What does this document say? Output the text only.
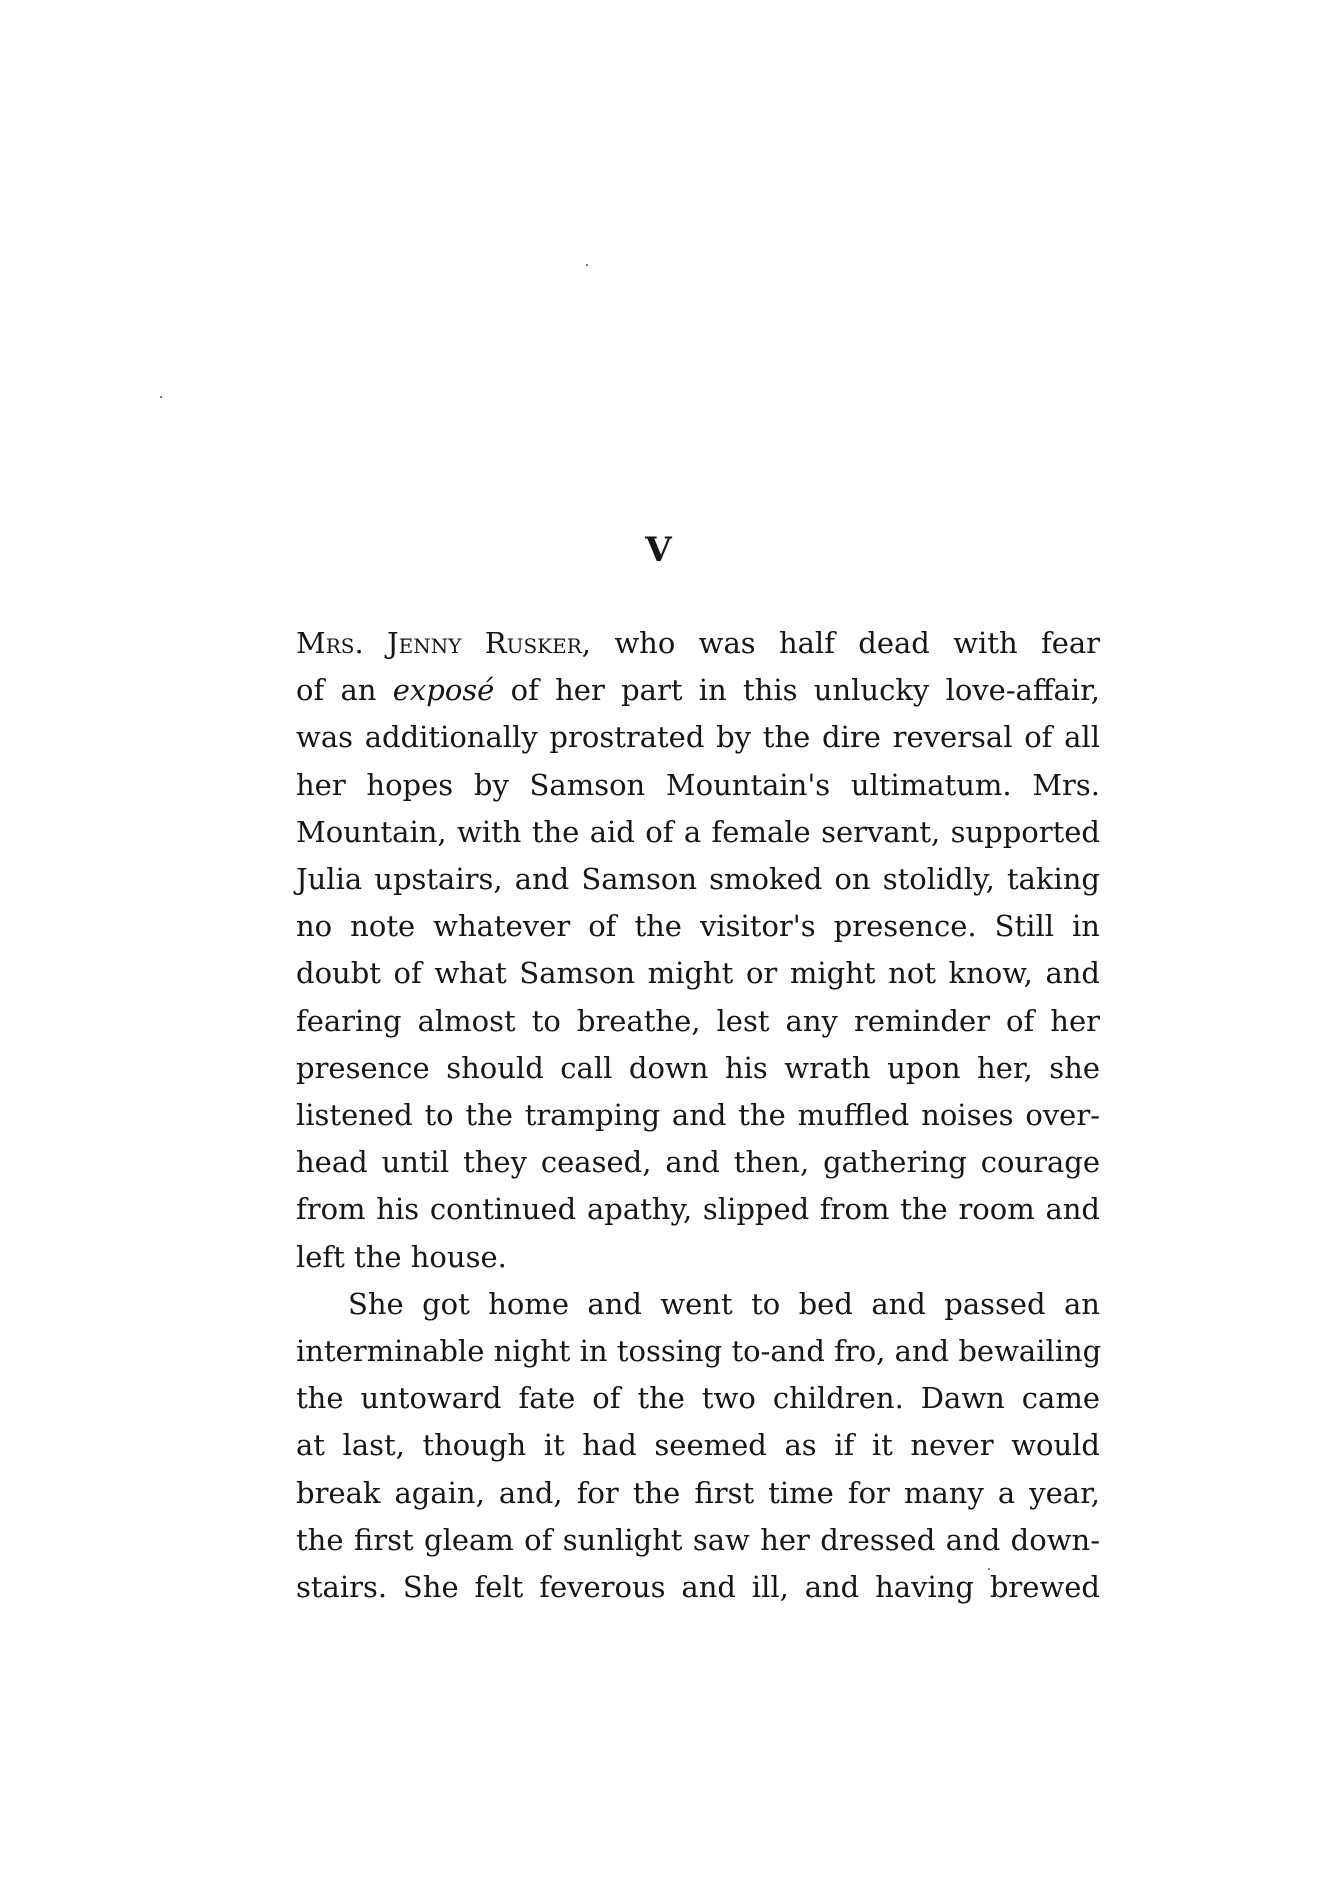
V

Mrs. Jenny Rusker, who was half dead with fear
of an exposé of her part in this unlucky love-affair,
was additionally prostrated by the dire reversal of all
her hopes by Samson Mountain's ultimatum. Mrs.
Mountain, with the aid of a female servant, supported
Julia upstairs, and Samson smoked on stolidly, taking
no note whatever of the visitor's presence. Still in
doubt of what Samson might or might not know, and
fearing almost to breathe, lest any reminder of her
presence should call down his wrath upon her, she
listened to the tramping and the muffled noises over-
head until they ceased, and then, gathering courage
from his continued apathy, slipped from the room and
left the house.

She got home and went to bed and passed an
interminable night in tossing to-and fro, and bewailing
the untoward fate of the two children. Dawn came
at last, though it had seemed as if it never would
break again, and, for the first time for many a year,
the first gleam of sunlight saw her dressed and down-
stairs. She felt feverous and ill, and having brewed
